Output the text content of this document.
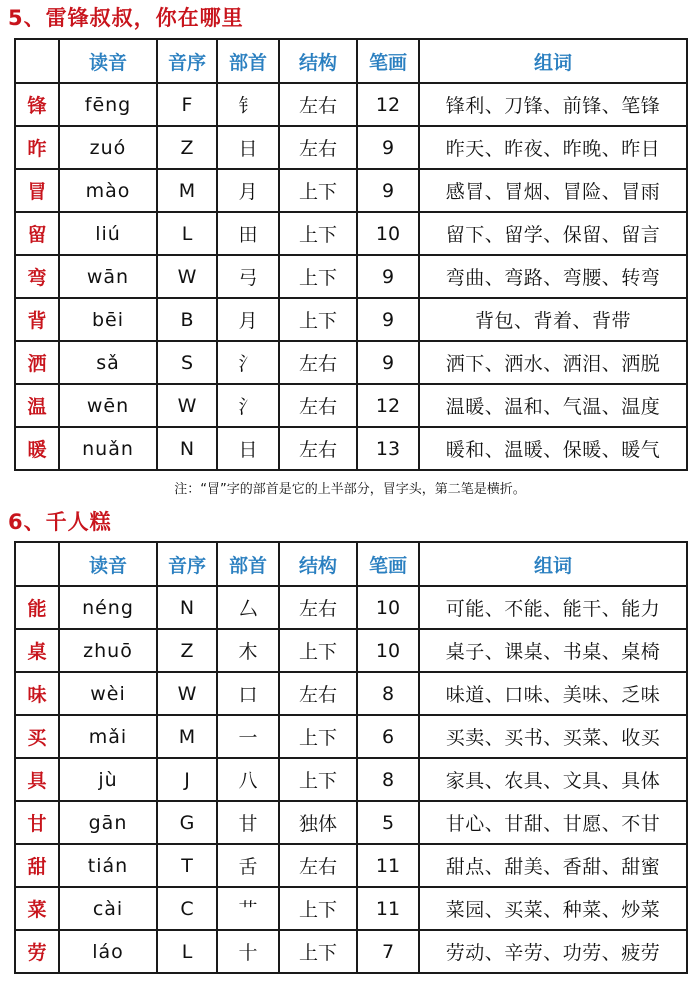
5、雷锋叔叔，你在哪里
	读音	音序	部首	结构	笔画	组词
锋	fēng	F	钅	左右	12	锋利、刀锋、前锋、笔锋
昨	zuó	Z	日	左右	9	昨天、昨夜、昨晚、昨日
冒	mào	M	月	上下	9	感冒、冒烟、冒险、冒雨
留	liú	L	田	上下	10	留下、留学、保留、留言
弯	wān	W	弓	上下	9	弯曲、弯路、弯腰、转弯
背	bēi	B	月	上下	9	背包、背着、背带
洒	sǎ	S	氵	左右	9	洒下、洒水、洒泪、洒脱
温	wēn	W	氵	左右	12	温暖、温和、气温、温度
暖	nuǎn	N	日	左右	13	暖和、温暖、保暖、暖气
注：“冒”字的部首是它的上半部分，冒字头，第二笔是横折。
6、千人糕
	读音	音序	部首	结构	笔画	组词
能	néng	N	厶	左右	10	可能、不能、能干、能力
桌	zhuō	Z	木	上下	10	桌子、课桌、书桌、桌椅
味	wèi	W	口	左右	8	味道、口味、美味、乏味
买	mǎi	M	一	上下	6	买卖、买书、买菜、收买
具	jù	J	八	上下	8	家具、农具、文具、具体
甘	gān	G	甘	独体	5	甘心、甘甜、甘愿、不甘
甜	tián	T	舌	左右	11	甜点、甜美、香甜、甜蜜
菜	cài	C	艹	上下	11	菜园、买菜、种菜、炒菜
劳	láo	L	十	上下	7	劳动、辛劳、功劳、疲劳
